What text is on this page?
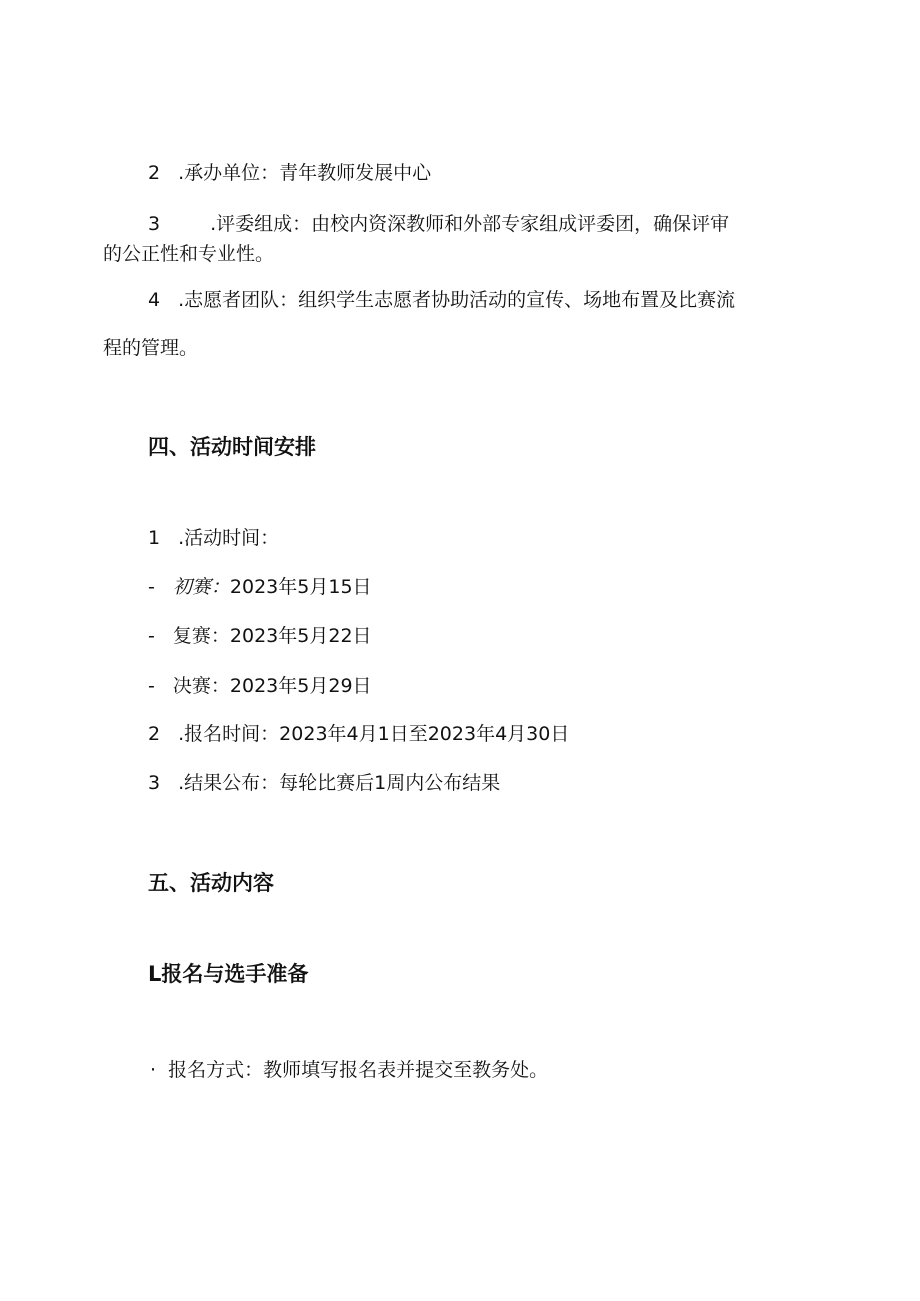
2 .承办单位：青年教师发展中心
3	.评委组成：由校内资深教师和外部专家组成评委团，确保评审
的公正性和专业性。
4 .志愿者团队：组织学生志愿者协助活动的宣传、场地布置及比赛流
程的管理。
四、活动时间安排
1 .活动时间：
- 初赛：2023年5月15日
- 复赛：2023年5月22日
- 决赛：2023年5月29日
2 .报名时间：2023年4月1日至2023年4月30日
3 .结果公布：每轮比赛后1周内公布结果
五、活动内容
L报名与选手准备
· 报名方式：教师填写报名表并提交至教务处。
